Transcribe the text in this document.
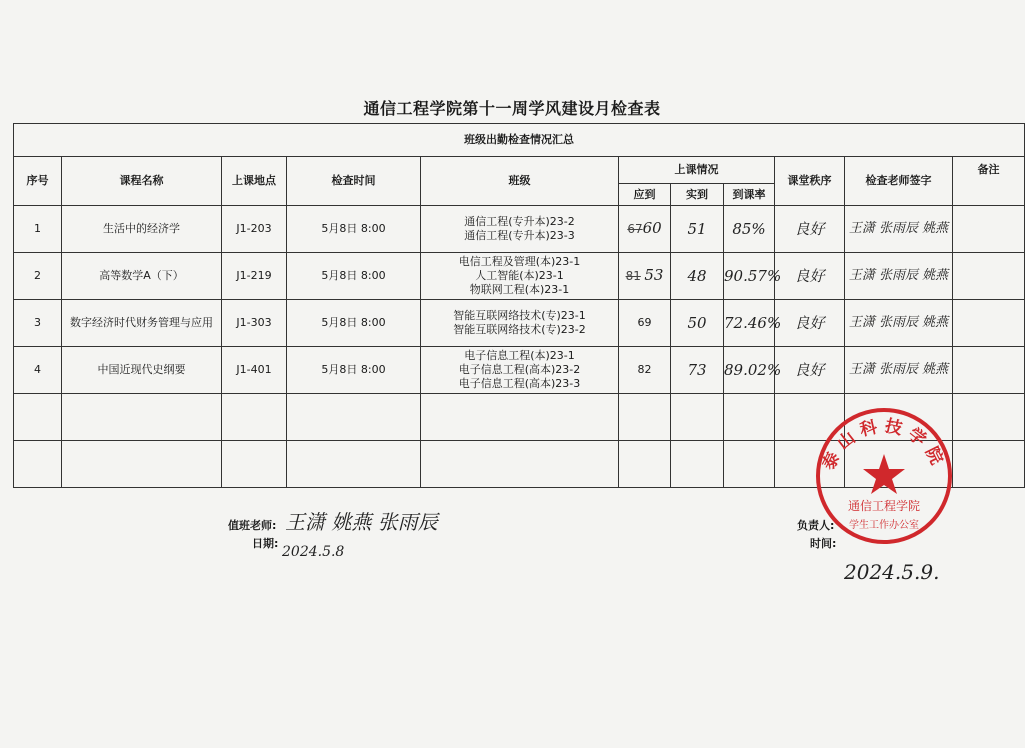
通信工程学院第十一周学风建设月检查表
班级出勤检查情况汇总										
序号	课程名称	上课地点	检查时间	班级	上课情况			课堂秩序	检查老师签字	备注
					应到	实到	到课率			
1	生活中的经济学	J1-203	5月8日 8:00	通信工程(专升本)23-2
通信工程(专升本)23-3	6760	51	85%	良好	王潇 张雨辰 姚燕	
2	高等数学A（下）	J1-219	5月8日 8:00	电信工程及管理(本)23-1
人工智能(本)23-1
物联网工程(本)23-1	81 53	48	90.57%	良好	王潇 张雨辰 姚燕	
3	数字经济时代财务管理与应用	J1-303	5月8日 8:00	智能互联网络技术(专)23-1
智能互联网络技术(专)23-2	69	50	72.46%	良好	王潇 张雨辰 姚燕	
4	中国近现代史纲要	J1-401	5月8日 8:00	电子信息工程(本)23-1
电子信息工程(高本)23-2
电子信息工程(高本)23-3	82	73	89.02%	良好	王潇 张雨辰 姚燕	

泰山科技学院
通信工程学院
学生工作办公室
值班老师: 王潇 姚燕 张雨辰
日期:
2024.5.8
负责人:
时间:
2024.5.9.
